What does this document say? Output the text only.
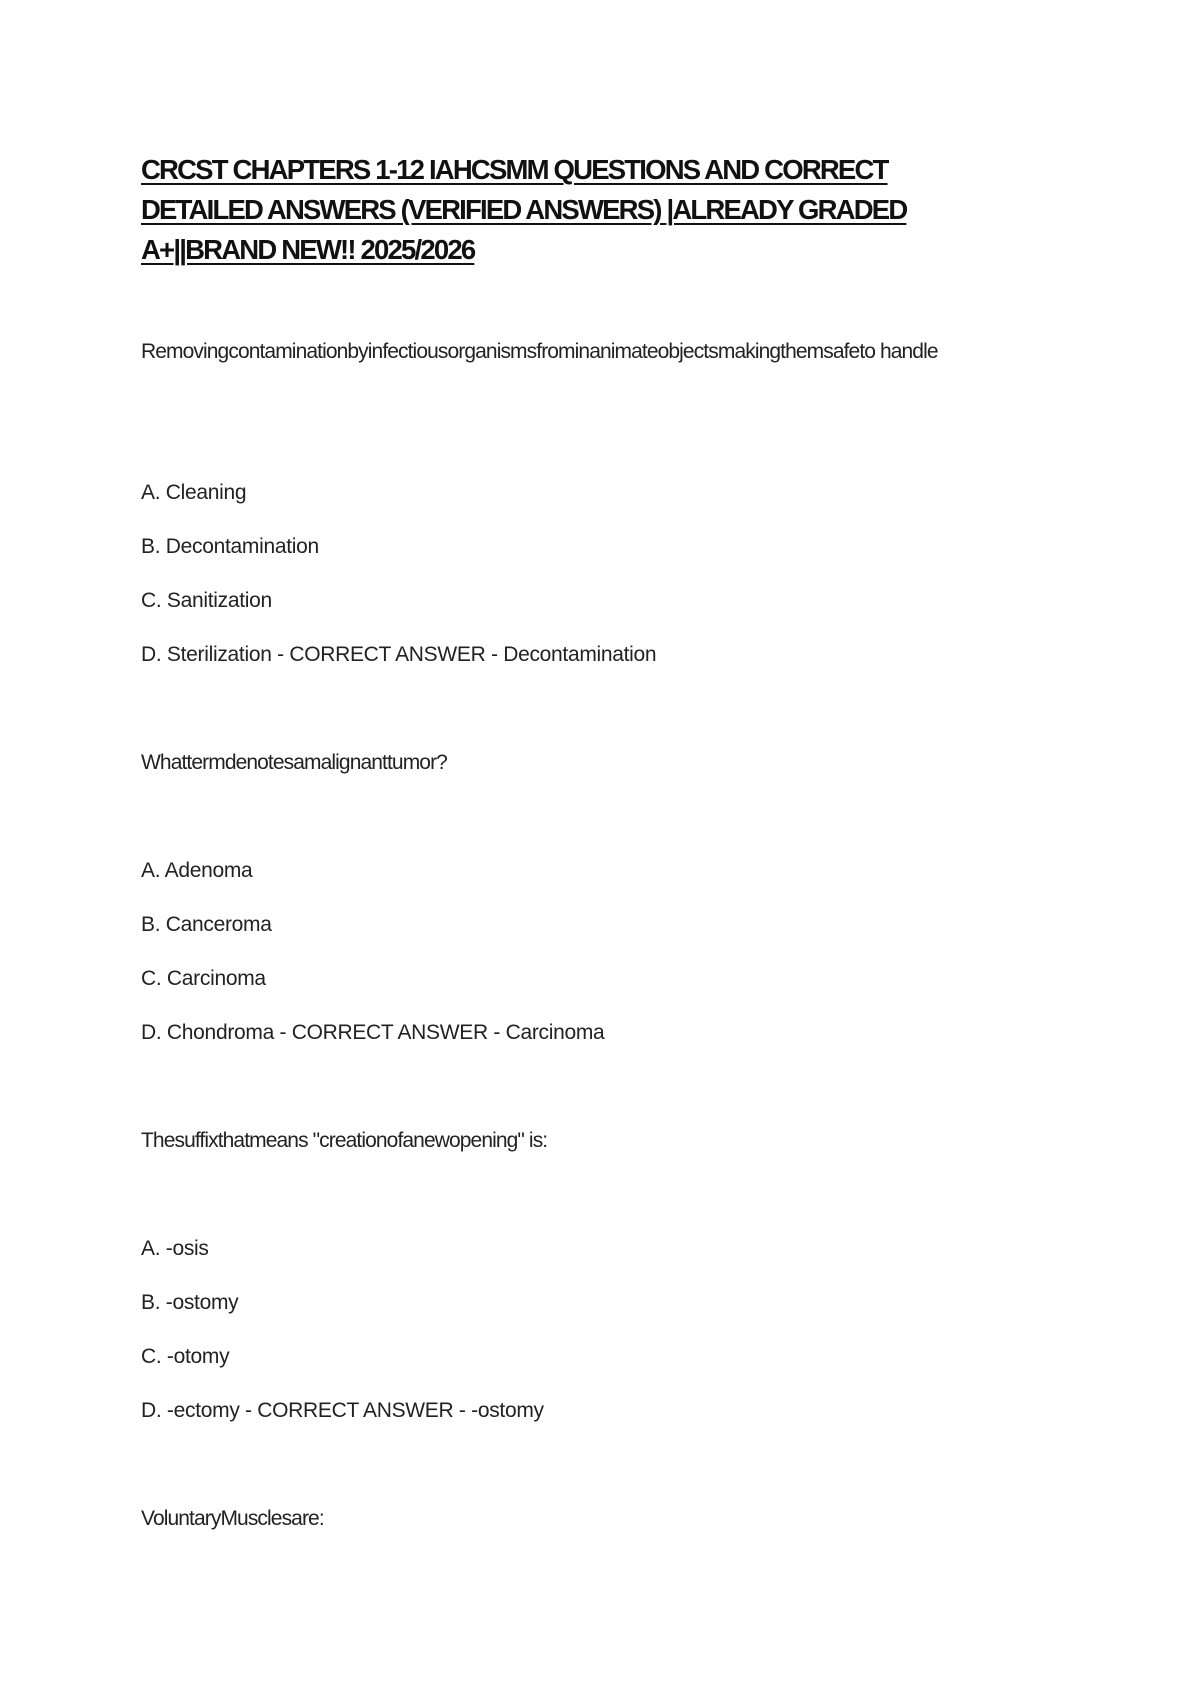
CRCST CHAPTERS 1-12 IAHCSMM QUESTIONS AND CORRECT
DETAILED ANSWERS (VERIFIED ANSWERS) |ALREADY GRADED
A+||BRAND NEW!! 2025/2026
Removingcontaminationbyinfectiousorganismsfrominanimateobjectsmakingthemsafeto handle
A. Cleaning
B. Decontamination
C. Sanitization
D. Sterilization - CORRECT ANSWER - Decontamination
Whattermdenotesamalignanttumor?
A. Adenoma
B. Canceroma
C. Carcinoma
D. Chondroma - CORRECT ANSWER - Carcinoma
Thesuffixthatmeans "creationofanewopening" is:
A. -osis
B. -ostomy
C. -otomy
D. -ectomy - CORRECT ANSWER - -ostomy
VoluntaryMusclesare:
